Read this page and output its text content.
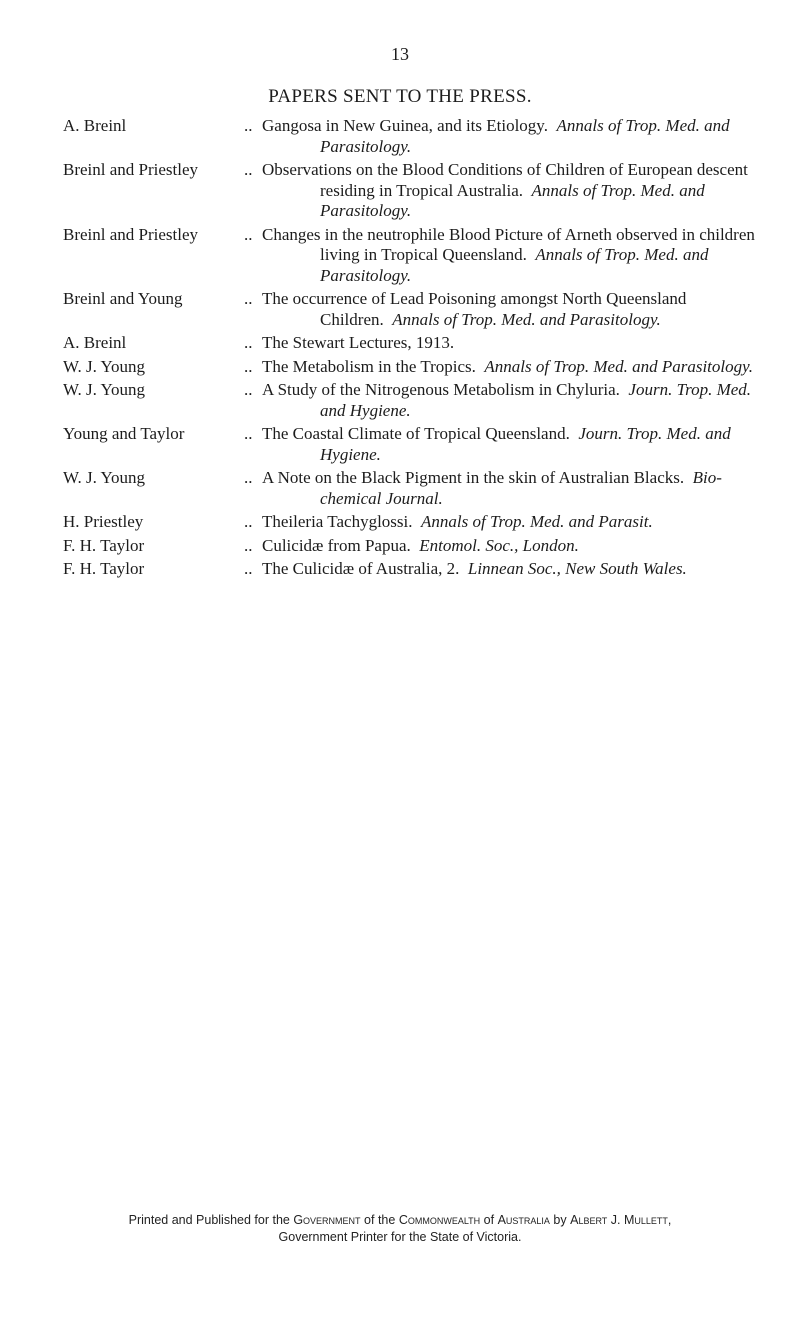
13
PAPERS SENT TO THE PRESS.
A. Breinl	.. Gangosa in New Guinea, and its Etiology. Annals of Trop. Med. and Parasitology.
Breinl and Priestley	.. Observations on the Blood Conditions of Children of European descent residing in Tropical Australia. Annals of Trop. Med. and Parasitology.
Breinl and Priestley	.. Changes in the neutrophile Blood Picture of Arneth observed in children living in Tropical Queensland. Annals of Trop. Med. and Parasitology.
Breinl and Young	.. The occurrence of Lead Poisoning amongst North Queensland Children. Annals of Trop. Med. and Parasitology.
A. Breinl	.. The Stewart Lectures, 1913.
W. J. Young	.. The Metabolism in the Tropics. Annals of Trop. Med. and Parasitology.
W. J. Young	.. A Study of the Nitrogenous Metabolism in Chyluria. Journ. Trop. Med. and Hygiene.
Young and Taylor	.. The Coastal Climate of Tropical Queensland. Journ. Trop. Med. and Hygiene.
W. J. Young	.. A Note on the Black Pigment in the skin of Australian Blacks. Bio-chemical Journal.
H. Priestley	.. Theileria Tachyglossi. Annals of Trop. Med. and Parasit.
F. H. Taylor	.. Culicidæ from Papua. Entomol. Soc., London.
F. H. Taylor	.. The Culicidæ of Australia, 2. Linnean Soc., New South Wales.
Printed and Published for the Government of the Commonwealth of Australia by Albert J. Mullett,
Government Printer for the State of Victoria.
